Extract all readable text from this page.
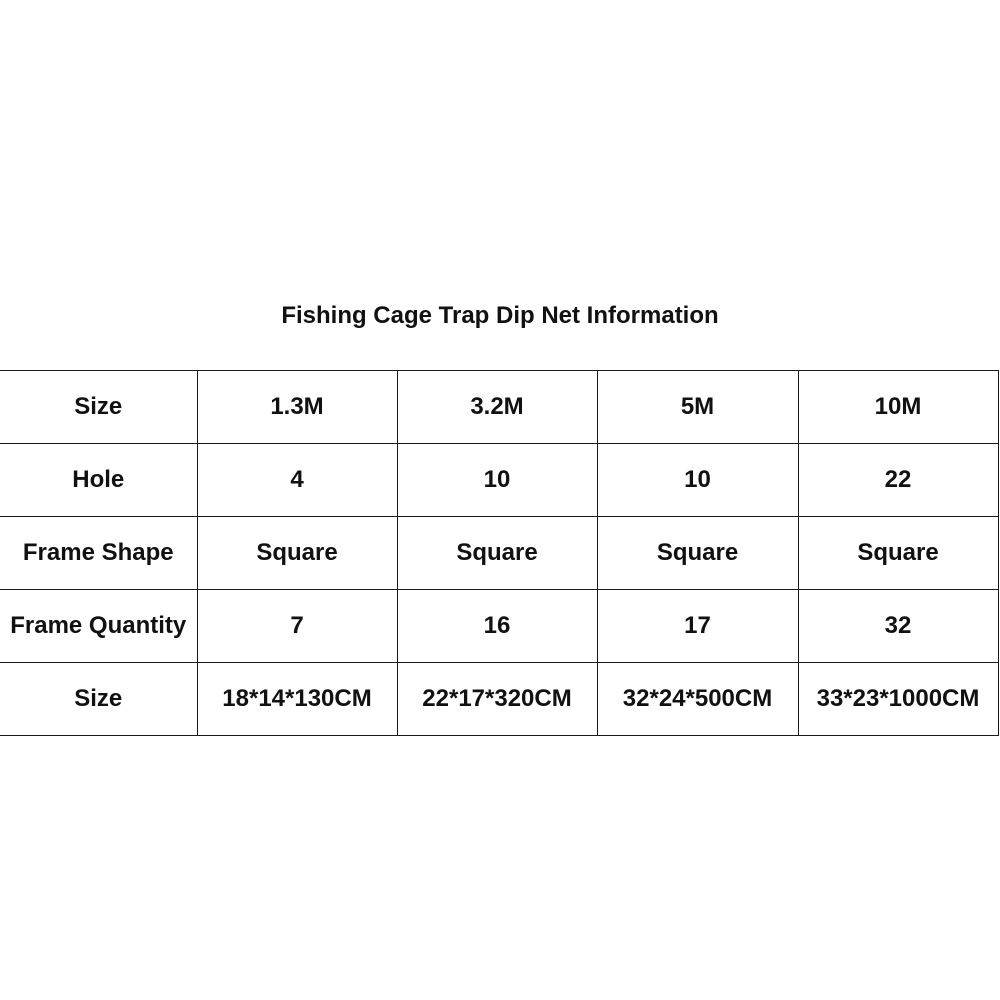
Fishing Cage Trap Dip Net Information
Size	1.3M	3.2M	5M	10M
Hole	4	10	10	22
Frame Shape	Square	Square	Square	Square
Frame Quantity	7	16	17	32
Size	18*14*130CM	22*17*320CM	32*24*500CM	33*23*1000CM
